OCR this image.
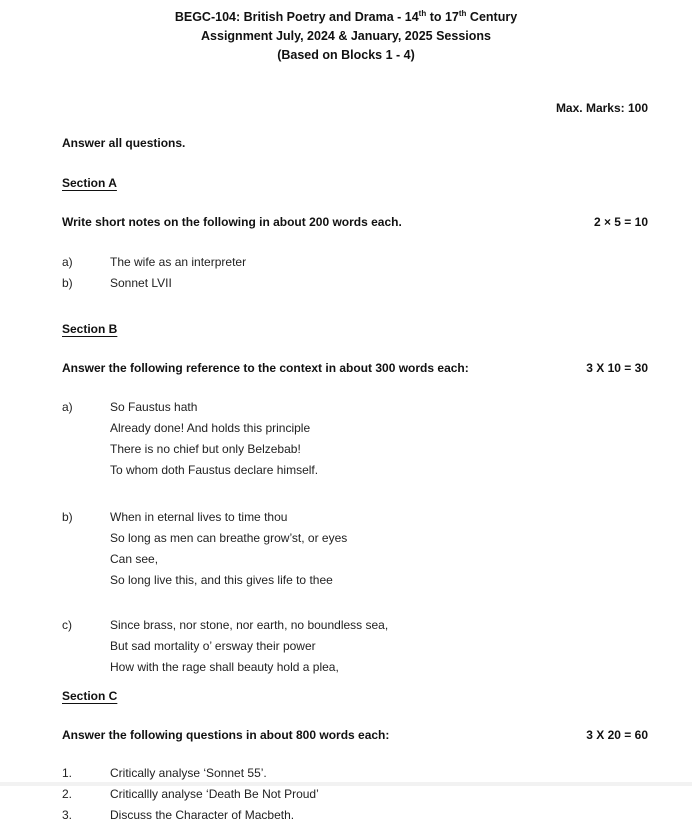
BEGC-104: British Poetry and Drama - 14th to 17th Century
Assignment July, 2024 & January, 2025 Sessions
(Based on Blocks 1 - 4)
Max. Marks: 100
Answer all questions.
Section A
Write short notes on the following in about 200 words each.	2 × 5 = 10
a)	The wife as an interpreter
b)	Sonnet LVII
Section B
Answer the following reference to the context in about 300 words each:	3 X 10 = 30
a)	So Faustus hath
Already done! And holds this principle
There is no chief but only Belzebab!
To whom doth Faustus declare himself.
b)	When in eternal lives to time thou
So long as men can breathe grow’st, or eyes
Can see,
So long live this, and this gives life to thee
c)	Since brass, nor stone, nor earth, no boundless sea,
But sad mortality o’ ersway their power
How with the rage shall beauty hold a plea,
Section C
Answer the following questions in about 800 words each:	3 X 20 = 60
1.	Critically analyse ‘Sonnet 55’.
2.	Criticallly analyse ‘Death Be Not Proud’
3.	Discuss the Character of Macbeth.
